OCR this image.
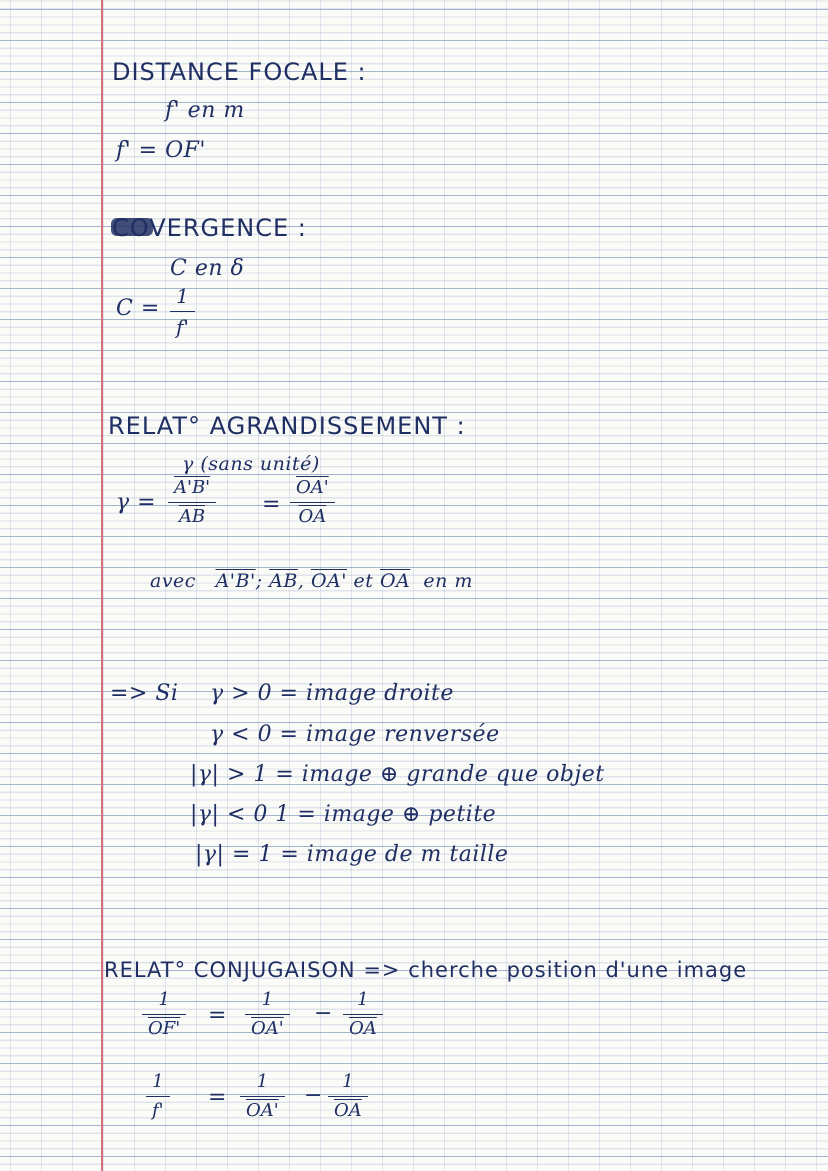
DISTANCE FOCALE :
f' en m
f' = OF'
COVERGENCE :
C en δ
C = 1
f'
RELAT° AGRANDISSEMENT :
γ (sans unité)
$\gamma = \frac{A'B'}{AB} = \frac{OA'}{OA}$
avec A'B'; $\overline{AB}$, OA' et $\overline{OA}$ en m
=> Si γ > 0 = image droite
γ < 0 = image renversée
|γ| > 1 = image ⊕ grande que objet
|γ| < 0 1 = image ⊕ petite
|γ| = 1 = image de m taille
RELAT° CONJUGAISON => cherche position d'une image
$\frac{1}{OF'} = \frac{1}{OA'} - \frac{1}{OA}$
1
f'
= $\frac{1}{OA'} - \frac{1}{OA}$
